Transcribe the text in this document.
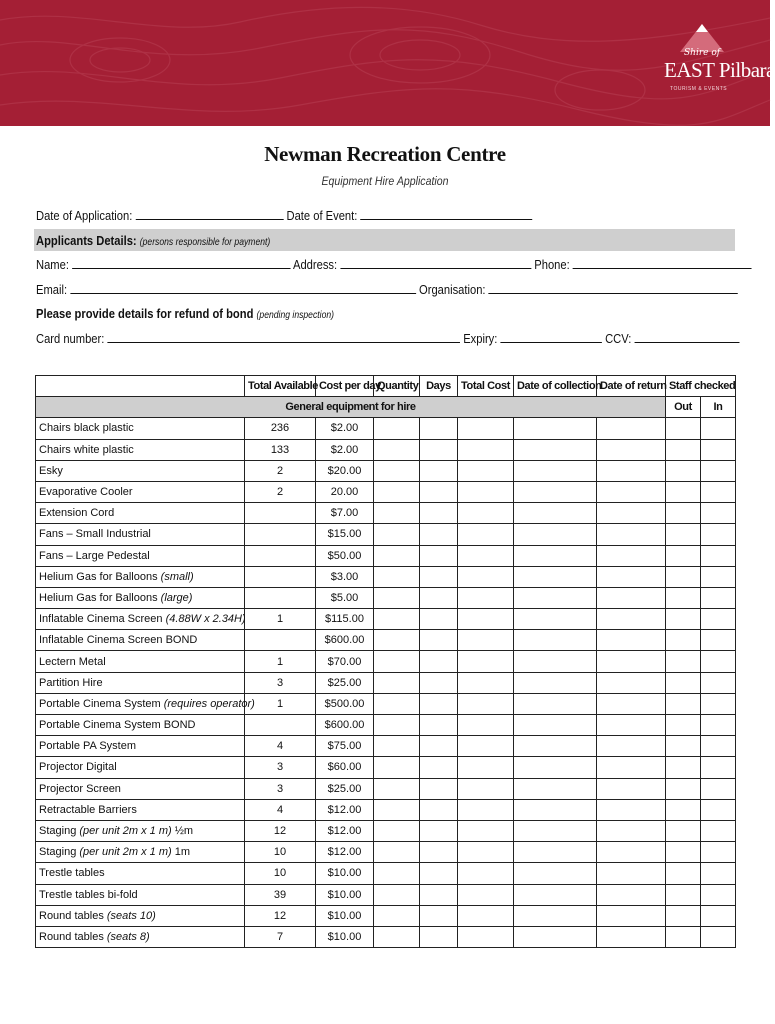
Shire of
EAST Pilbara
TOURISM & EVENTS
Newman Recreation Centre
Equipment Hire Application
Date of Application:	Date of Event:
Applicants Details: (persons responsible for payment)
Name:	Address:	Phone:
Email:	Organisation:
Please provide details for refund of bond (pending inspection)
Card number:	Expiry:	CCV:
	Total Available	Cost per day	Quantity	Days	Total Cost	Date of collection	Date of return	Staff checked	
General equipment for hire								Out	In
Chairs black plastic	236	$2.00							
Chairs white plastic	133	$2.00							
Esky	2	$20.00							
Evaporative Cooler	2	20.00							
Extension Cord		$7.00							
Fans – Small Industrial		$15.00							
Fans – Large Pedestal		$50.00							
Helium Gas for Balloons (small)		$3.00							
Helium Gas for Balloons (large)		$5.00							
Inflatable Cinema Screen (4.88W x 2.34H)	1	$115.00							
Inflatable Cinema Screen BOND		$600.00							
Lectern Metal	1	$70.00							
Partition Hire	3	$25.00							
Portable Cinema System (requires operator)	1	$500.00							
Portable Cinema System BOND		$600.00							
Portable PA System	4	$75.00							
Projector Digital	3	$60.00							
Projector Screen	3	$25.00							
Retractable Barriers	4	$12.00							
Staging (per unit 2m x 1 m) ½m	12	$12.00							
Staging (per unit 2m x 1 m) 1m	10	$12.00							
Trestle tables	10	$10.00							
Trestle tables bi-fold	39	$10.00							
Round tables (seats 10)	12	$10.00							
Round tables (seats 8)	7	$10.00							
